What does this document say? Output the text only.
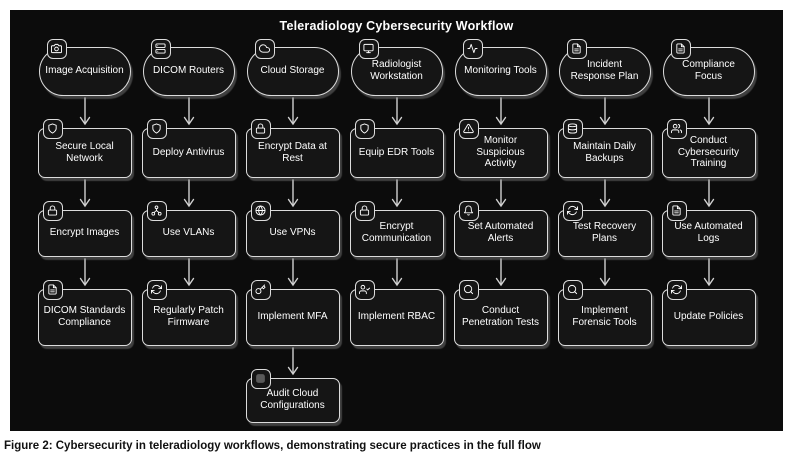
Teleradiology Cybersecurity Workflow
Image Acquisition
Secure Local Network
Encrypt Images
DICOM Standards Compliance
DICOM Routers
Deploy Antivirus
Use VLANs
Regularly Patch Firmware
Cloud Storage
Encrypt Data at Rest
Use VPNs
Implement MFA
Audit Cloud Configurations
Radiologist Workstation
Equip EDR Tools
Encrypt Communication
Implement RBAC
Monitoring Tools
Monitor Suspicious Activity
Set Automated Alerts
Conduct Penetration Tests
Incident Response Plan
Maintain Daily Backups
Test Recovery Plans
Implement Forensic Tools
Compliance Focus
Conduct Cybersecurity Training
Use Automated Logs
Update Policies
Figure 2: Cybersecurity in teleradiology workflows, demonstrating secure practices in the full flow
